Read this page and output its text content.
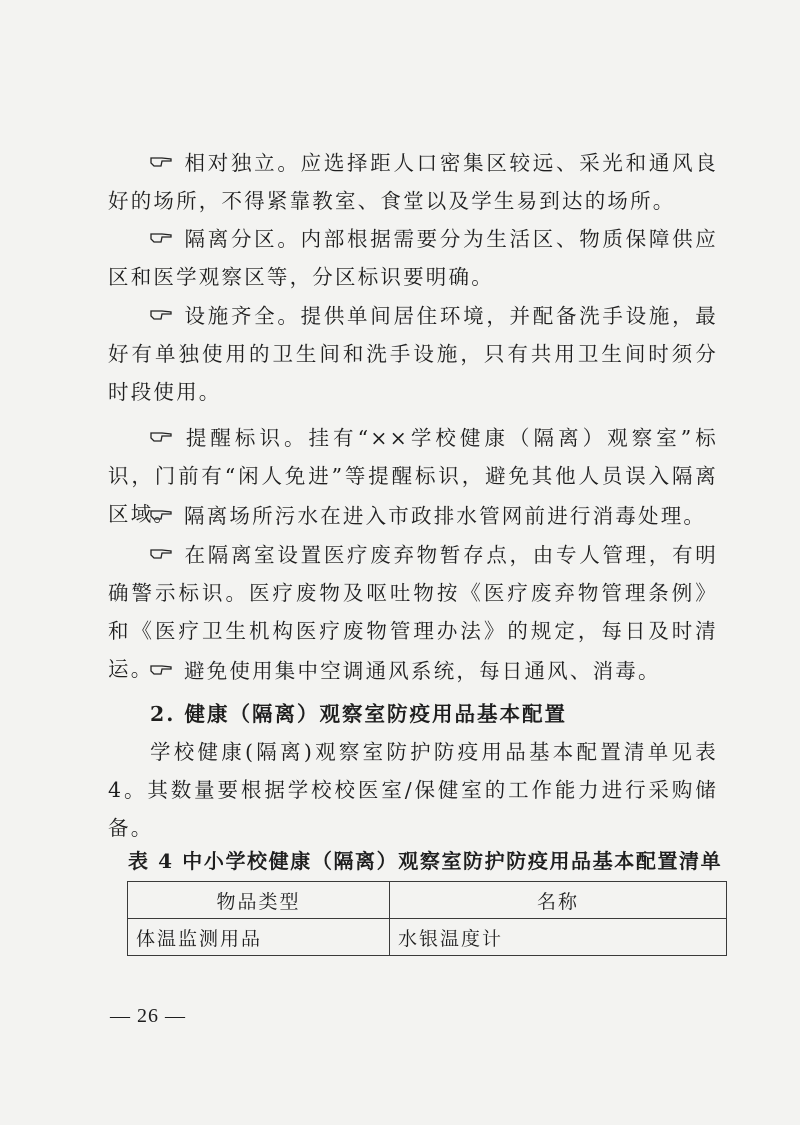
相对独立。应选择距人口密集区较远、采光和通风良好的场所，不得紧靠教室、食堂以及学生易到达的场所。

隔离分区。内部根据需要分为生活区、物质保障供应区和医学观察区等，分区标识要明确。

设施齐全。提供单间居住环境，并配备洗手设施，最好有单独使用的卫生间和洗手设施，只有共用卫生间时须分时段使用。

提醒标识。挂有“××学校健康（隔离）观察室”标识，门前有“闲人免进”等提醒标识，避免其他人员误入隔离区域。 隔离场所污水在进入市政排水管网前进行消毒处理。

在隔离室设置医疗废弃物暂存点，由专人管理，有明确警示标识。医疗废物及呕吐物按《医疗废弃物管理条例》和《医疗卫生机构医疗废物管理办法》的规定，每日及时清运。	避免使用集中空调通风系统，每日通风、消毒。

2. 健康（隔离）观察室防疫用品基本配置

学校健康(隔离)观察室防护防疫用品基本配置清单见表 4。其数量要根据学校校医室/保健室的工作能力进行采购储备。

表 4 中小学校健康（隔离）观察室防护防疫用品基本配置清单

物品类型	名称
体温监测用品	水银温度计
— 26 —
